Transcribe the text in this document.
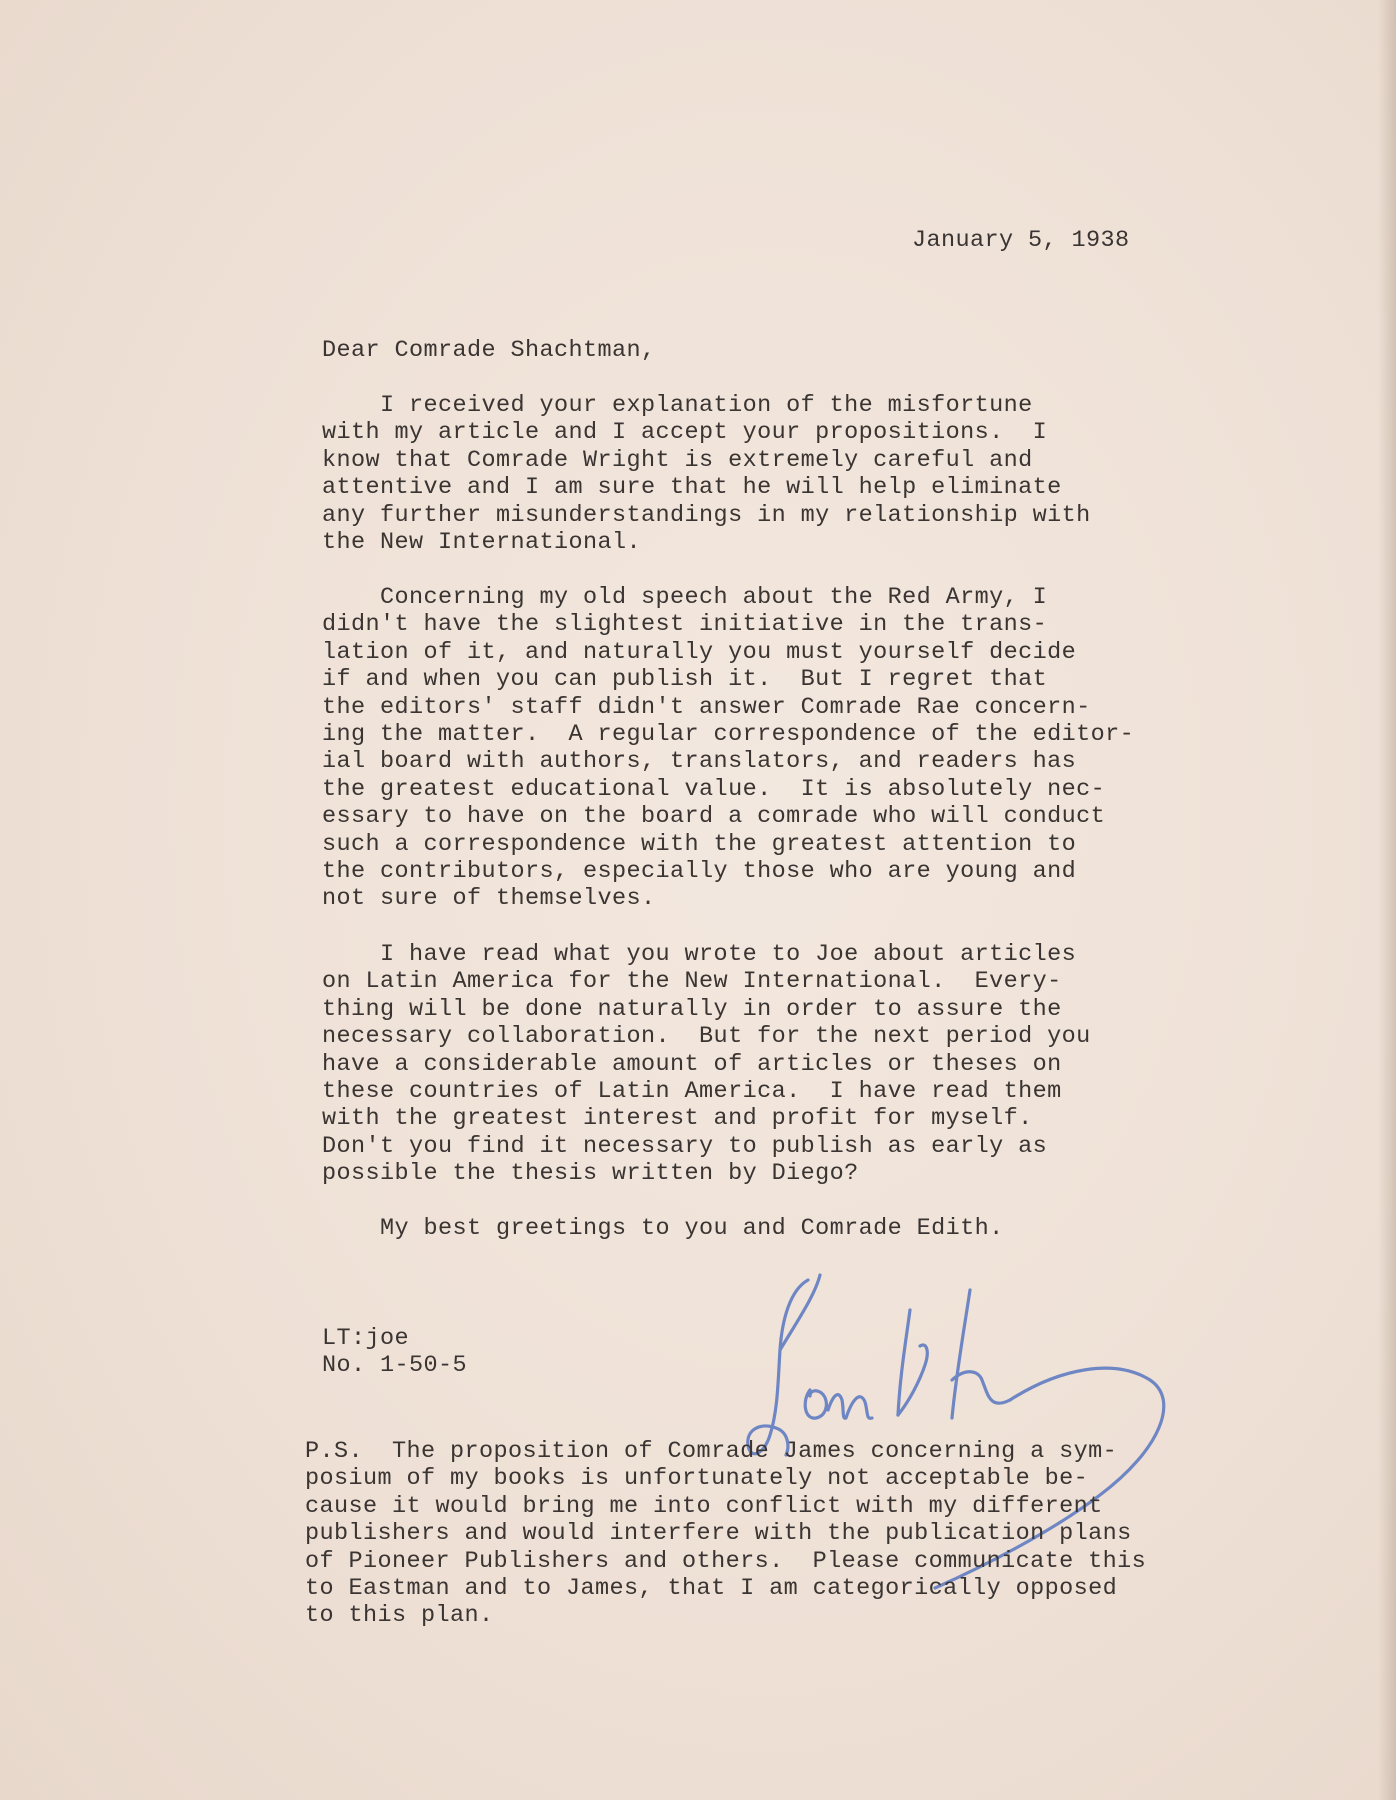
January 5, 1938
Dear Comrade Shachtman,
I received your explanation of the misfortune
with my article and I accept your propositions.  I
know that Comrade Wright is extremely careful and
attentive and I am sure that he will help eliminate
any further misunderstandings in my relationship with
the New International.
Concerning my old speech about the Red Army, I
didn't have the slightest initiative in the trans-
lation of it, and naturally you must yourself decide
if and when you can publish it.  But I regret that
the editors' staff didn't answer Comrade Rae concern-
ing the matter.  A regular correspondence of the editor-
ial board with authors, translators, and readers has
the greatest educational value.  It is absolutely nec-
essary to have on the board a comrade who will conduct
such a correspondence with the greatest attention to
the contributors, especially those who are young and
not sure of themselves.
I have read what you wrote to Joe about articles
on Latin America for the New International.  Every-
thing will be done naturally in order to assure the
necessary collaboration.  But for the next period you
have a considerable amount of articles or theses on
these countries of Latin America.  I have read them
with the greatest interest and profit for myself.
Don't you find it necessary to publish as early as
possible the thesis written by Diego?
My best greetings to you and Comrade Edith.
LT:joe
No. 1-50-5
P.S.  The proposition of Comrade James concerning a sym-
posium of my books is unfortunately not acceptable be-
cause it would bring me into conflict with my different
publishers and would interfere with the publication plans
of Pioneer Publishers and others.  Please communicate this
to Eastman and to James, that I am categorically opposed
to this plan.
